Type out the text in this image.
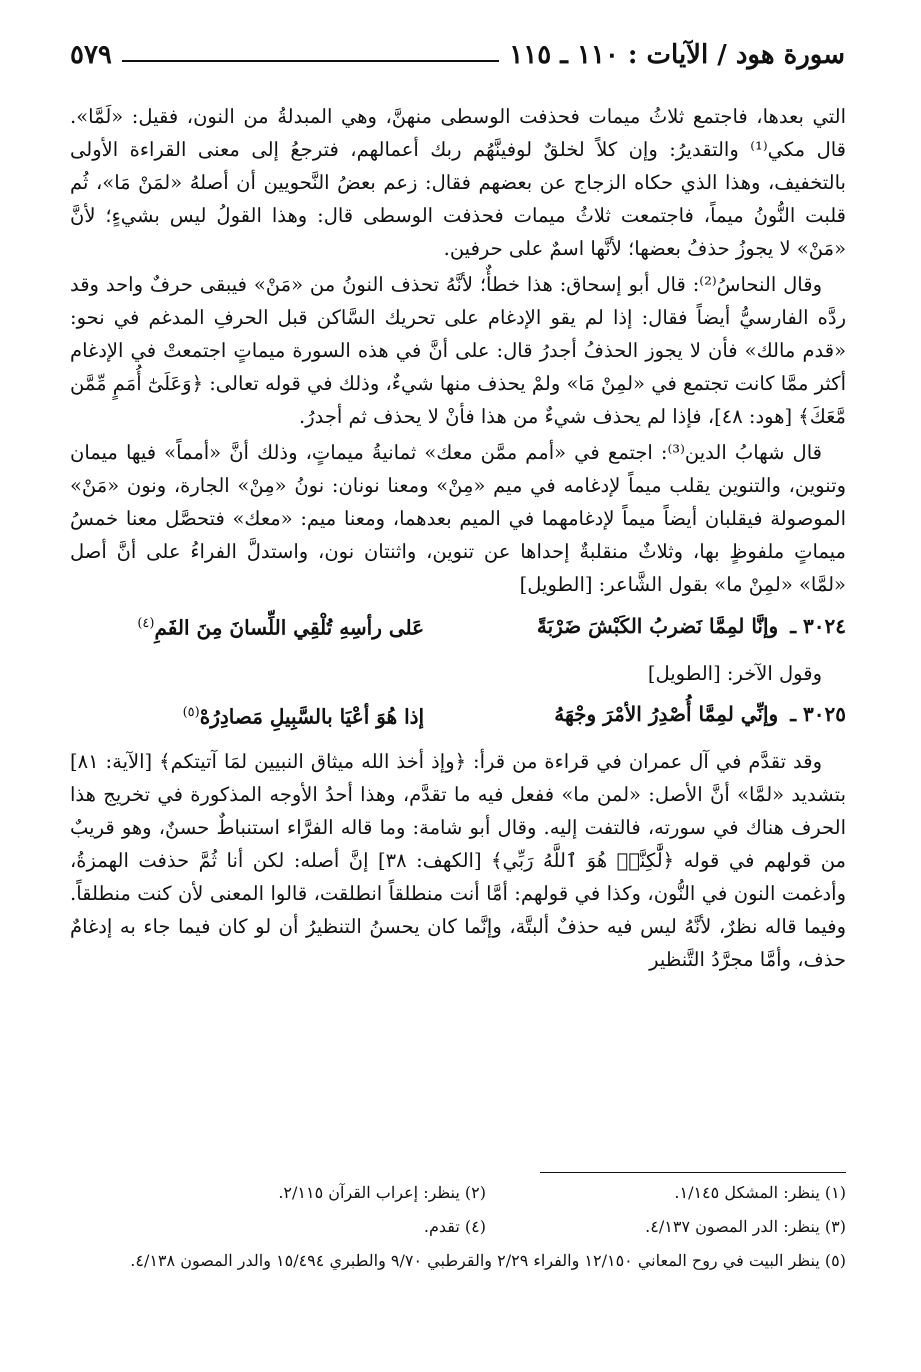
سورة هود / الآيات : ١١٠ ـ ١١٥
٥٧٩

التي بعدها، فاجتمع ثلاثُ ميمات فحذفت الوسطى منهنَّ، وهي المبدلةُ من النون، فقيل: «لَمَّا». قال مكي⁽¹⁾ والتقديرُ: وإن كلاً لخلقٌ لوفينَّهُم ربك أعمالهم، فترجعُ إلى معنى القراءة الأولى بالتخفيف، وهذا الذي حكاه الزجاج عن بعضهم فقال: زعم بعضُ النَّحويين أن أصلهُ «لمَنْ مَا»، ثُم قلبت النُّونُ ميماً، فاجتمعت ثلاثُ ميمات فحذفت الوسطى قال: وهذا القولُ ليس بشيءٍ؛ لأنَّ «مَنْ» لا يجوزُ حذفُ بعضها؛ لأنَّها اسمٌ على حرفين.

وقال النحاسُ⁽²⁾: قال أبو إسحاق: هذا خطأٌ؛ لأنَّهُ تحذف النونُ من «مَنْ» فيبقى حرفٌ واحد وقد ردَّه الفارسيُّ أيضاً فقال: إذا لم يقو الإدغام على تحريك السَّاكن قبل الحرفِ المدغم في نحو: «قدم مالك» فأن لا يجوز الحذفُ أجدرُ قال: على أنَّ في هذه السورة ميماتٍ اجتمعتْ في الإدغام أكثر ممَّا كانت تجتمع في «لمِنْ مَا» ولمْ يحذف منها شيءٌ، وذلك في قوله تعالى: ﴿وَعَلَىٰٓ أُمَمٍ مِّمَّن مَّعَكَ﴾ [هود: ٤٨]، فإذا لم يحذف شيءٌ من هذا فأنْ لا يحذف ثم أجدرُ.

قال شهابُ الدين⁽³⁾: اجتمع في «أمم ممَّن معك» ثمانيةُ ميماتٍ، وذلك أنَّ «أمماً» فيها ميمان وتنوين، والتنوين يقلب ميماً لإدغامه في ميم «مِنْ» ومعنا نونان: نونُ «مِنْ» الجارة، ونون «مَنْ» الموصولة فيقلبان أيضاً ميماً لإدغامهما في الميم بعدهما، ومعنا ميم: «معك» فتحصَّل معنا خمسُ ميماتٍ ملفوظٍ بها، وثلاثٌ منقلبةٌ إحداها عن تنوين، واثنتان نون، واستدلَّ الفراءُ على أنَّ أصل «لمَّا» «لمِنْ ما» بقول الشَّاعر: [الطويل]

٣٠٢٤ ـ
وإنَّا لمِمَّا نَضربُ الكَبْشَ ضَرْبَةً
عَلى رأسِهِ تُلْقِي اللِّسانَ مِنَ الفَمِ$^{(٤)}$

وقول الآخر: [الطويل]

٣٠٢٥ ـ
وإنِّي لمِمَّا أُصْدِرُ الأمْرَ وجْهَهُ
إذا هُوَ أعْيَا بالسَّبِيلِ مَصادِرُهْ$^{(٥)}$

وقد تقدَّم في آل عمران في قراءة من قرأ: ﴿وإذ أخذ الله ميثاق النبيين لمَا آتيتكم﴾ [الآية: ٨١] بتشديد «لمَّا» أنَّ الأصل: «لمن ما» ففعل فيه ما تقدَّم، وهذا أحدُ الأوجه المذكورة في تخريج هذا الحرف هناك في سورته، فالتفت إليه. وقال أبو شامة: وما قاله الفرَّاء استنباطٌ حسنٌ، وهو قريبٌ من قولهم في قوله ﴿لَّٰكِنَّا۠ هُوَ ٱللَّهُ رَبِّي﴾ [الكهف: ٣٨] إنَّ أصله: لكن أنا ثُمَّ حذفت الهمزةُ، وأدغمت النون في النُّون، وكذا في قولهم: أمَّا أنت منطلقاً انطلقت، قالوا المعنى لأن كنت منطلقاً. وفيما قاله نظرٌ، لأنَّهُ ليس فيه حذفٌ ألبتَّة، وإنَّما كان يحسنُ التنظيرُ أن لو كان فيما جاء به إدغامٌ حذف، وأمَّا مجرَّدُ التَّنظير

(١) ينظر: المشكل ١/١٤٥.
(٢) ينظر: إعراب القرآن ٢/١١٥.
(٣) ينظر: الدر المصون ٤/١٣٧.
(٤) تقدم.
(٥) ينظر البيت في روح المعاني ١٢/١٥٠ والفراء ٢/٢٩ والقرطبي ٩/٧٠ والطبري ١٥/٤٩٤ والدر المصون ٤/١٣٨.
